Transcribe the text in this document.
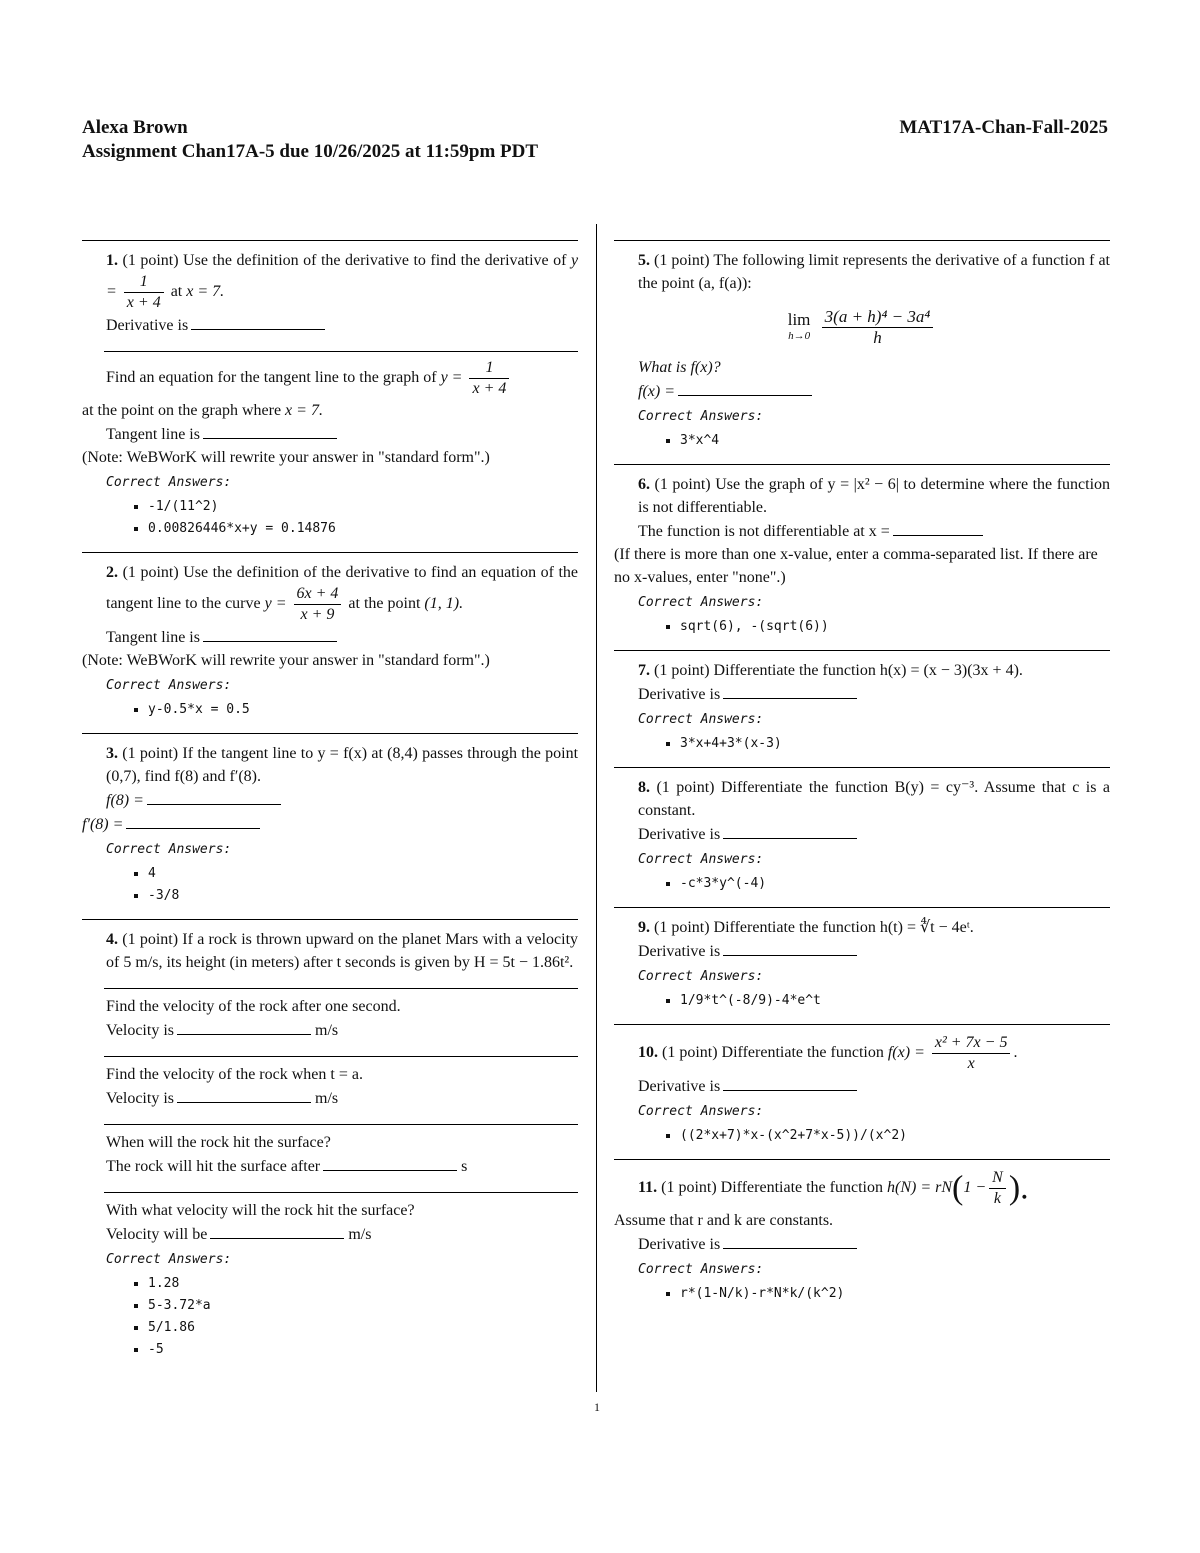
Alexa Brown
Assignment Chan17A-5 due 10/26/2025 at 11:59pm PDT
MAT17A-Chan-Fall-2025

1. (1 point) Use the definition of the derivative to find the derivative of $y = \frac{1}{x + 4}$ at x = 7.

Derivative is

Find an equation for the tangent line to the graph of $y = \frac{1}{x + 4}$

at the point on the graph where x = 7.

Tangent line is

(Note: WeBWorK will rewrite your answer in "standard form".)

Correct Answers:

▪ -1/(11^2)
▪ 0.00826446*x+y = 0.14876

2. (1 point) Use the definition of the derivative to find an equation of the tangent line to the curve $y = \frac{6x + 4}{x + 9}$ at the point (1, 1).

Tangent line is

(Note: WeBWorK will rewrite your answer in "standard form".)

Correct Answers:

▪ y-0.5*x = 0.5

3. (1 point) If the tangent line to y = f(x) at (8,4) passes through the point (0,7), find f(8) and f′(8).

f(8) =

f′(8) =

Correct Answers:

▪ 4
▪ -3/8

4. (1 point) If a rock is thrown upward on the planet Mars with a velocity of 5 m/s, its height (in meters) after t seconds is given by H = 5t − 1.86t².

Find the velocity of the rock after one second.

Velocity is	m/s

Find the velocity of the rock when t = a.

Velocity is	m/s

When will the rock hit the surface?

The rock will hit the surface after	s

With what velocity will the rock hit the surface?

Velocity will be	m/s

Correct Answers:

▪ 1.28
▪ 5-3.72*a
▪ 5/1.86
▪ -5

5. (1 point) The following limit represents the derivative of a function f at the point (a, f(a)):

lim
h→0
$\frac{\text{3(a + h)⁴ − 3a⁴}}{h}$

What is f(x)?

f(x) =

Correct Answers:

▪ 3*x^4

6. (1 point) Use the graph of y = |x² − 6| to determine where the function is not differentiable.

The function is not differentiable at x =

(If there is more than one x-value, enter a comma-separated list. If there are no x-values, enter "none".)

Correct Answers:

▪ sqrt(6), -(sqrt(6))

7. (1 point) Differentiate the function h(x) = (x − 3)(3x + 4).

Derivative is

Correct Answers:

▪ 3*x+4+3*(x-3)

8. (1 point) Differentiate the function B(y) = cy⁻³. Assume that c is a constant.

Derivative is

Correct Answers:

▪ -c*3*y^(-4)

9. (1 point) Differentiate the function h(t) = ∜t − 4eᵗ.

Derivative is

Correct Answers:

▪ 1/9*t^(-8/9)-4*e^t

10. (1 point) Differentiate the function $f(x) = \frac{\text{x² + 7x − 5}}{x}$ .

Derivative is

Correct Answers:

▪ ((2*x+7)*x-(x^2+7*x-5))/(x^2)

11. (1 point) Differentiate the function $h(N) = rN(1 - \frac{N}{k}$ ).

Assume that r and k are constants.

Derivative is

Correct Answers:

▪ r*(1-N/k)-r*N*k/(k^2)
1
